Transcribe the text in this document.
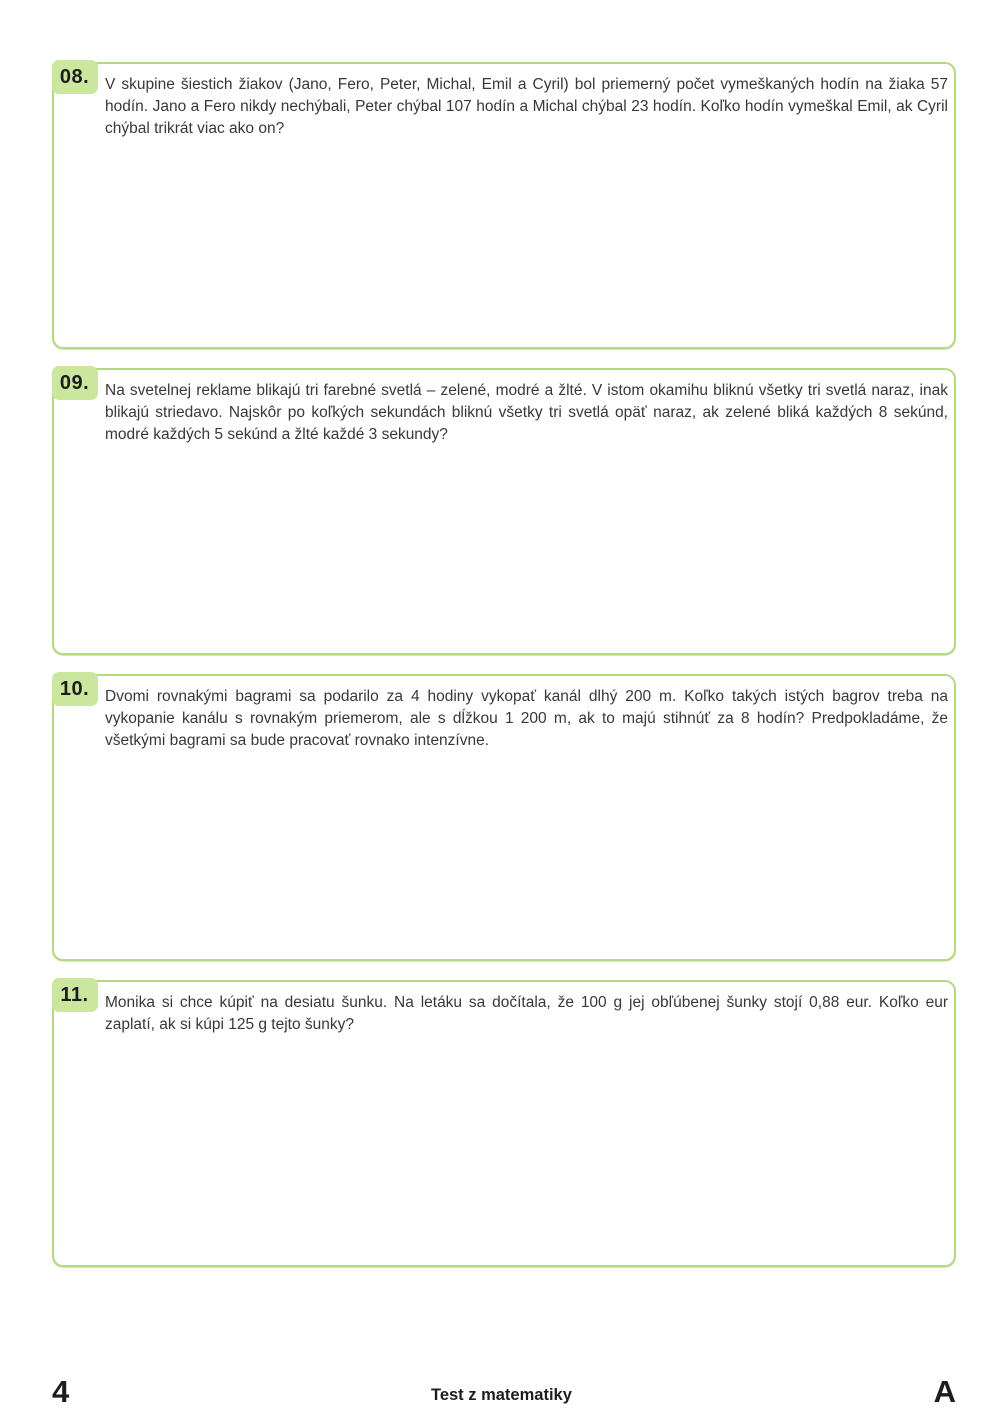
08.	V skupine šiestich žiakov (Jano, Fero, Peter, Michal, Emil a Cyril) bol priemerný počet vymeškaných hodín na žiaka 57 hodín. Jano a Fero nikdy nechýbali, Peter chýbal 107 hodín a Michal chýbal 23 hodín. Koľko hodín vymeškal Emil, ak Cyril chýbal trikrát viac ako on?

09.	Na svetelnej reklame blikajú tri farebné svetlá – zelené, modré a žlté. V istom okamihu bliknú všetky tri svetlá naraz, inak blikajú striedavo. Najskôr po koľkých sekundách bliknú všetky tri svetlá opäť naraz, ak zelené bliká každých 8 sekúnd, modré každých 5 sekúnd a žlté každé 3 sekundy?

10.	Dvomi rovnakými bagrami sa podarilo za 4 hodiny vykopať kanál dlhý 200 m. Koľko takých istých bagrov treba na vykopanie kanálu s rovnakým priemerom, ale s dĺžkou 1 200 m, ak to majú stihnúť za 8 hodín? Predpokladáme, že všetkými bagrami sa bude pracovať rovnako intenzívne.

11.	Monika si chce kúpiť na desiatu šunku. Na letáku sa dočítala, že 100 g jej obľúbenej šunky stojí 0,88 eur. Koľko eur zaplatí, ak si kúpi 125 g tejto šunky?

4	Test z matematiky	A
